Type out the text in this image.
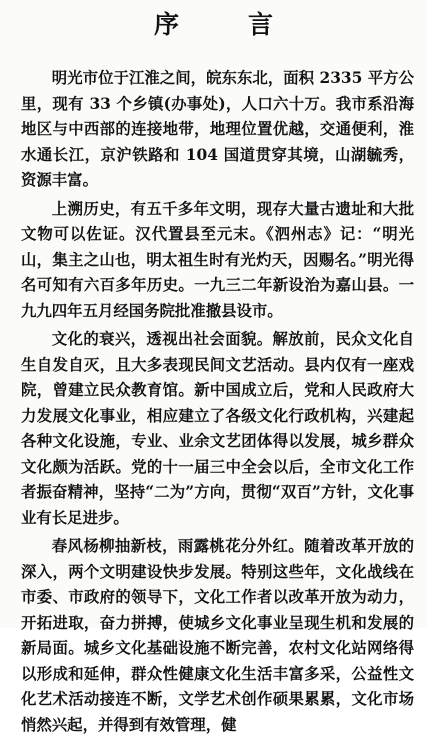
序　言

明光市位于江淮之间，皖东东北，面积 2335 平方公里，现有 33 个乡镇(办事处)，人口六十万。我市系沿海地区与中西部的连接地带，地理位置优越，交通便利，淮水通长江，京沪铁路和 104 国道贯穿其境，山湖毓秀，资源丰富。

上溯历史，有五千多年文明，现存大量古遗址和大批文物可以佐证。汉代置县至元末。《泗州志》记：“明光山，集主之山也，明太祖生时有光灼天，因赐名。”明光得名可知有六百多年历史。一九三二年新设治为嘉山县。一九九四年五月经国务院批准撤县设市。

文化的衰兴，透视出社会面貌。解放前，民众文化自生自发自灭，且大多表现民间文艺活动。县内仅有一座戏院，曾建立民众教育馆。新中国成立后，党和人民政府大力发展文化事业，相应建立了各级文化行政机构，兴建起各种文化设施，专业、业余文艺团体得以发展，城乡群众文化颇为活跃。党的十一届三中全会以后，全市文化工作者振奋精神，坚持“二为”方向，贯彻“双百”方针，文化事业有长足进步。

春风杨柳抽新枝，雨露桃花分外红。随着改革开放的深入，两个文明建设快步发展。特别这些年，文化战线在市委、市政府的领导下，文化工作者以改革开放为动力，开拓进取，奋力拼搏，使城乡文化事业呈现生机和发展的新局面。城乡文化基础设施不断完善，农村文化站网络得以形成和延伸，群众性健康文化生活丰富多采，公益性文化艺术活动接连不断，文学艺术创作硕果累累，文化市场悄然兴起，并得到有效管理，健
